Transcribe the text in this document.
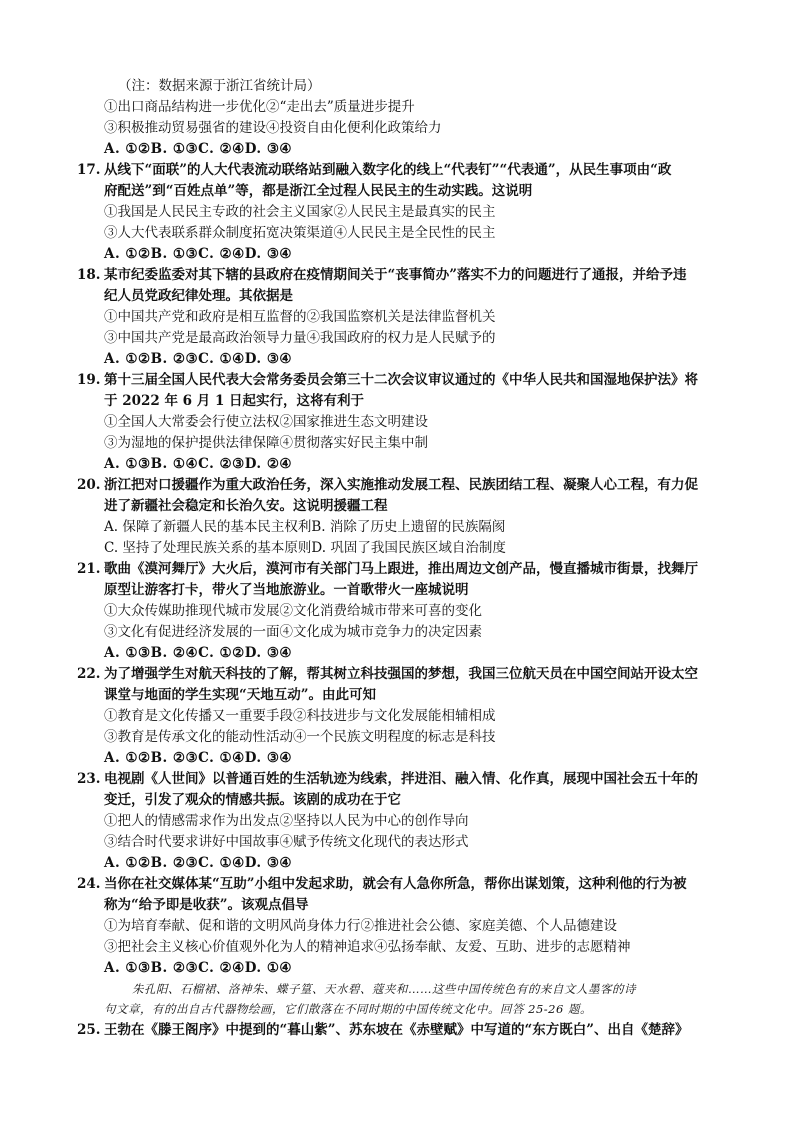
（注：数据来源于浙江省统计局）
①出口商品结构进一步优化②“走出去”质量进步提升
③积极推动贸易强省的建设④投资自由化便利化政策给力
A. ①②B. ①③C. ②④D. ③④
17. 从线下“面联”的人大代表流动联络站到融入数字化的线上“代表钉”“代表通”，从民生事项由“政
府配送”到“百姓点单”等，都是浙江全过程人民民主的生动实践。这说明
①我国是人民民主专政的社会主义国家②人民民主是最真实的民主
③人大代表联系群众制度拓宽决策渠道④人民民主是全民性的民主
A. ①②B. ①③C. ②④D. ③④
18. 某市纪委监委对其下辖的县政府在疫情期间关于“丧事简办”落实不力的问题进行了通报，并给予违
纪人员党政纪律处理。其依据是
①中国共产党和政府是相互监督的②我国监察机关是法律监督机关
③中国共产党是最高政治领导力量④我国政府的权力是人民赋予的
A. ①②B. ②③C. ①④D. ③④
19. 第十三届全国人民代表大会常务委员会第三十二次会议审议通过的《中华人民共和国湿地保护法》将
于 2022 年 6 月 1 日起实行，这将有利于
①全国人大常委会行使立法权②国家推进生态文明建设
③为湿地的保护提供法律保障④贯彻落实好民主集中制
A. ①③B. ①④C. ②③D. ②④
20. 浙江把对口援疆作为重大政治任务，深入实施推动发展工程、民族团结工程、凝聚人心工程，有力促
进了新疆社会稳定和长治久安。这说明援疆工程
A. 保障了新疆人民的基本民主权利B. 消除了历史上遗留的民族隔阂
C. 坚持了处理民族关系的基本原则D. 巩固了我国民族区域自治制度
21. 歌曲《漠河舞厅》大火后，漠河市有关部门马上跟进，推出周边文创产品，慢直播城市街景，找舞厅
原型让游客打卡，带火了当地旅游业。一首歌带火一座城说明
①大众传媒助推现代城市发展②文化消费给城市带来可喜的变化
③文化有促进经济发展的一面④文化成为城市竞争力的决定因素
A. ①③B. ②④C. ①②D. ③④
22. 为了增强学生对航天科技的了解，帮其树立科技强国的梦想，我国三位航天员在中国空间站开设太空
课堂与地面的学生实现“天地互动”。由此可知
①教育是文化传播又一重要手段②科技进步与文化发展能相辅相成
③教育是传承文化的能动性活动④一个民族文明程度的标志是科技
A. ①②B. ②③C. ①④D. ③④
23. 电视剧《人世间》以普通百姓的生活轨迹为线索，拌进泪、融入情、化作真，展现中国社会五十年的
变迁，引发了观众的情感共振。该剧的成功在于它
①把人的情感需求作为出发点②坚持以人民为中心的创作导向
③结合时代要求讲好中国故事④赋予传统文化现代的表达形式
A. ①②B. ②③C. ①④D. ③④
24. 当你在社交媒体某“互助”小组中发起求助，就会有人急你所急，帮你出谋划策，这种利他的行为被
称为“给予即是收获”。该观点倡导
①为培育奉献、促和谐的文明风尚身体力行②推进社会公德、家庭美德、个人品德建设
③把社会主义核心价值观外化为人的精神追求④弘扬奉献、友爱、互助、进步的志愿精神
A. ①③B. ②③C. ②④D. ①④
朱孔阳、石榴裙、洛神朱、蝶子篁、天水碧、蔻夹和……这些中国传统色有的来自文人墨客的诗
句文章，有的出自古代器物绘画，它们散落在不同时期的中国传统文化中。回答 25-26 题。
25. 王勃在《滕王阁序》中提到的“暮山紫”、苏东坡在《赤壁赋》中写道的“东方既白”、出自《楚辞》
